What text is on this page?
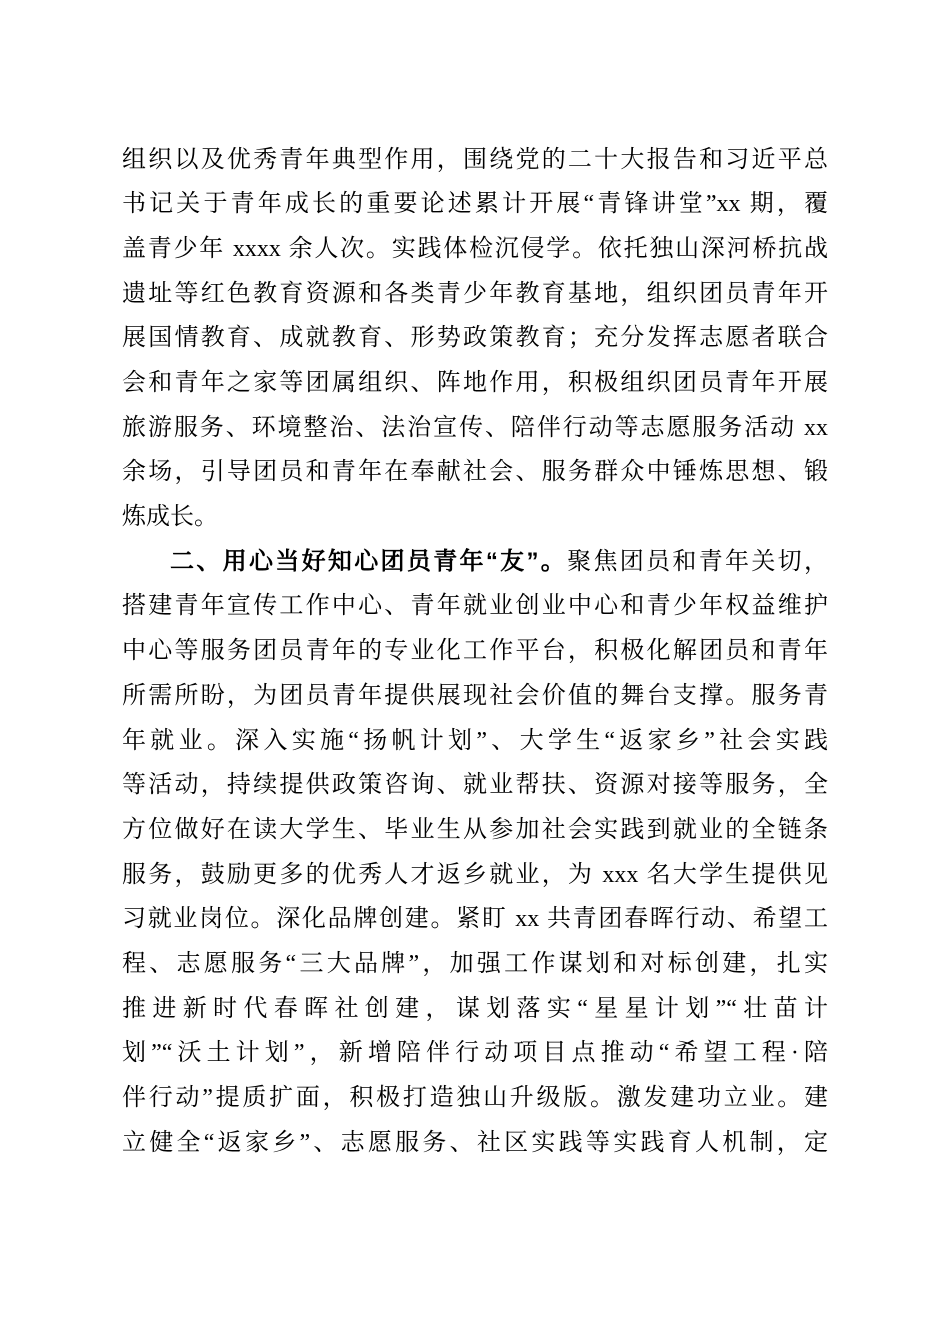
组织以及优秀青年典型作用，围绕党的二十大报告和习近平总
书记关于青年成长的重要论述累计开展“青锋讲堂”xx 期，覆
盖青少年 xxxx 余人次。实践体检沉侵学。依托独山深河桥抗战
遗址等红色教育资源和各类青少年教育基地，组织团员青年开
展国情教育、成就教育、形势政策教育；充分发挥志愿者联合
会和青年之家等团属组织、阵地作用，积极组织团员青年开展
旅游服务、环境整治、法治宣传、陪伴行动等志愿服务活动 xx
余场，引导团员和青年在奉献社会、服务群众中锤炼思想、锻
炼成长。
二、用心当好知心团员青年“友”。聚焦团员和青年关切，
搭建青年宣传工作中心、青年就业创业中心和青少年权益维护
中心等服务团员青年的专业化工作平台，积极化解团员和青年
所需所盼，为团员青年提供展现社会价值的舞台支撑。服务青
年就业。深入实施“扬帆计划”、大学生“返家乡”社会实践
等活动，持续提供政策咨询、就业帮扶、资源对接等服务，全
方位做好在读大学生、毕业生从参加社会实践到就业的全链条
服务，鼓励更多的优秀人才返乡就业，为 xxx 名大学生提供见
习就业岗位。深化品牌创建。紧盯 xx 共青团春晖行动、希望工
程、志愿服务“三大品牌”，加强工作谋划和对标创建，扎实
推进新时代春晖社创建，谋划落实“星星计划”“壮苗计
划”“沃土计划”，新增陪伴行动项目点推动“希望工程·陪
伴行动”提质扩面，积极打造独山升级版。激发建功立业。建
立健全“返家乡”、志愿服务、社区实践等实践育人机制，定
